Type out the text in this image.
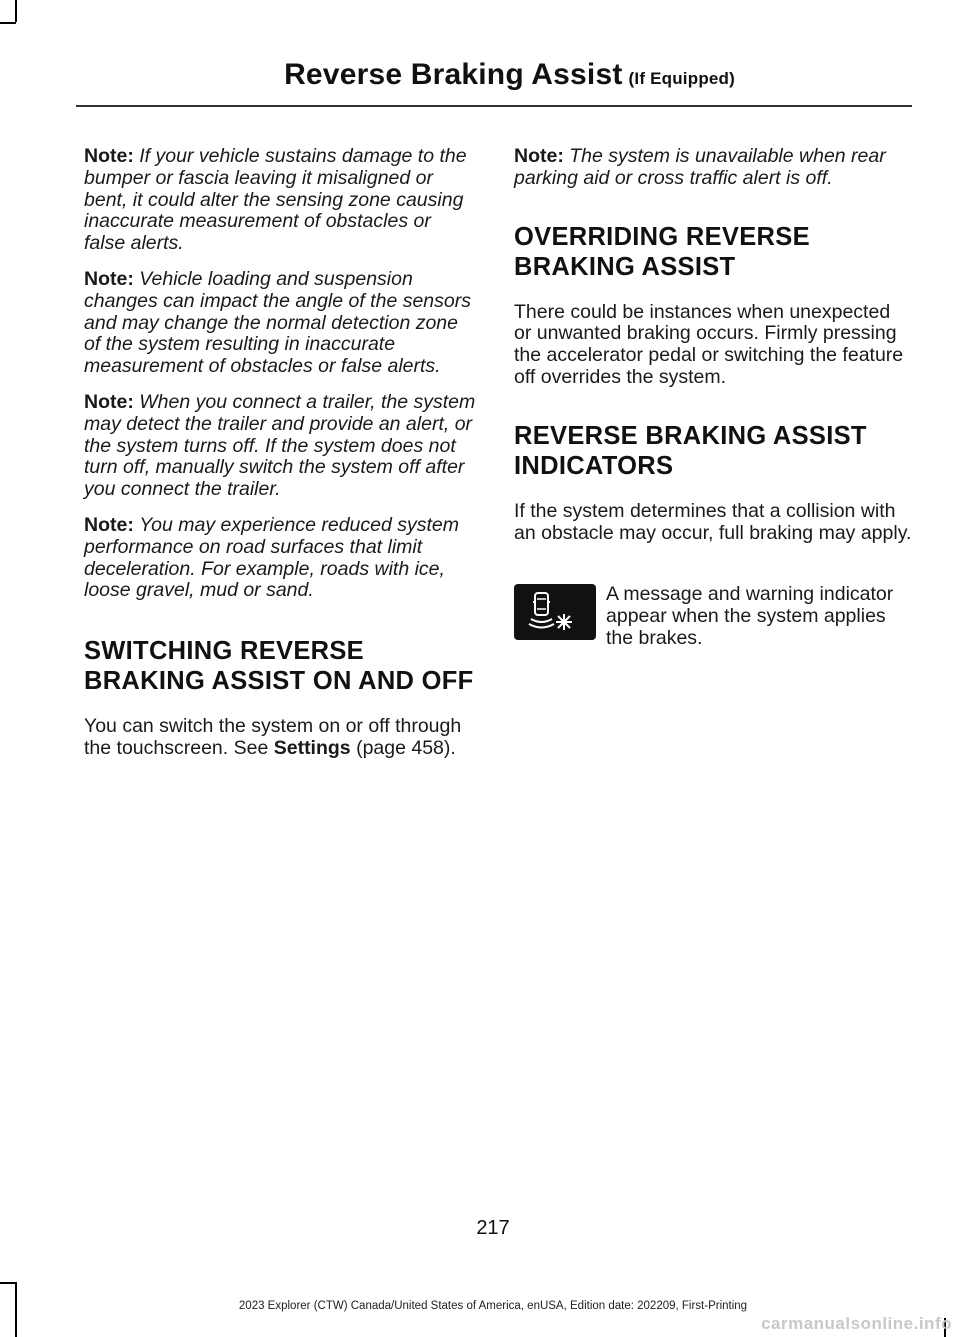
Reverse Braking Assist (If Equipped)

Note: If your vehicle sustains damage to the bumper or fascia leaving it misaligned or bent, it could alter the sensing zone causing inaccurate measurement of obstacles or false alerts.

Note: Vehicle loading and suspension changes can impact the angle of the sensors and may change the normal detection zone of the system resulting in inaccurate measurement of obstacles or false alerts.

Note: When you connect a trailer, the system may detect the trailer and provide an alert, or the system turns off. If the system does not turn off, manually switch the system off after you connect the trailer.

Note: You may experience reduced system performance on road surfaces that limit deceleration. For example, roads with ice, loose gravel, mud or sand.

SWITCHING REVERSE
BRAKING ASSIST ON AND OFF

You can switch the system on or off through the touchscreen. See Settings (page 458).

Note: The system is unavailable when rear parking aid or cross traffic alert is off.

OVERRIDING REVERSE
BRAKING ASSIST

There could be instances when unexpected or unwanted braking occurs. Firmly pressing the accelerator pedal or switching the feature off overrides the system.

REVERSE BRAKING ASSIST
INDICATORS

If the system determines that a collision with an obstacle may occur, full braking may apply.

A message and warning indicator appear when the system applies the brakes.
217
2023 Explorer (CTW) Canada/United States of America, enUSA, Edition date: 202209, First-Printing
carmanualsonline.info
